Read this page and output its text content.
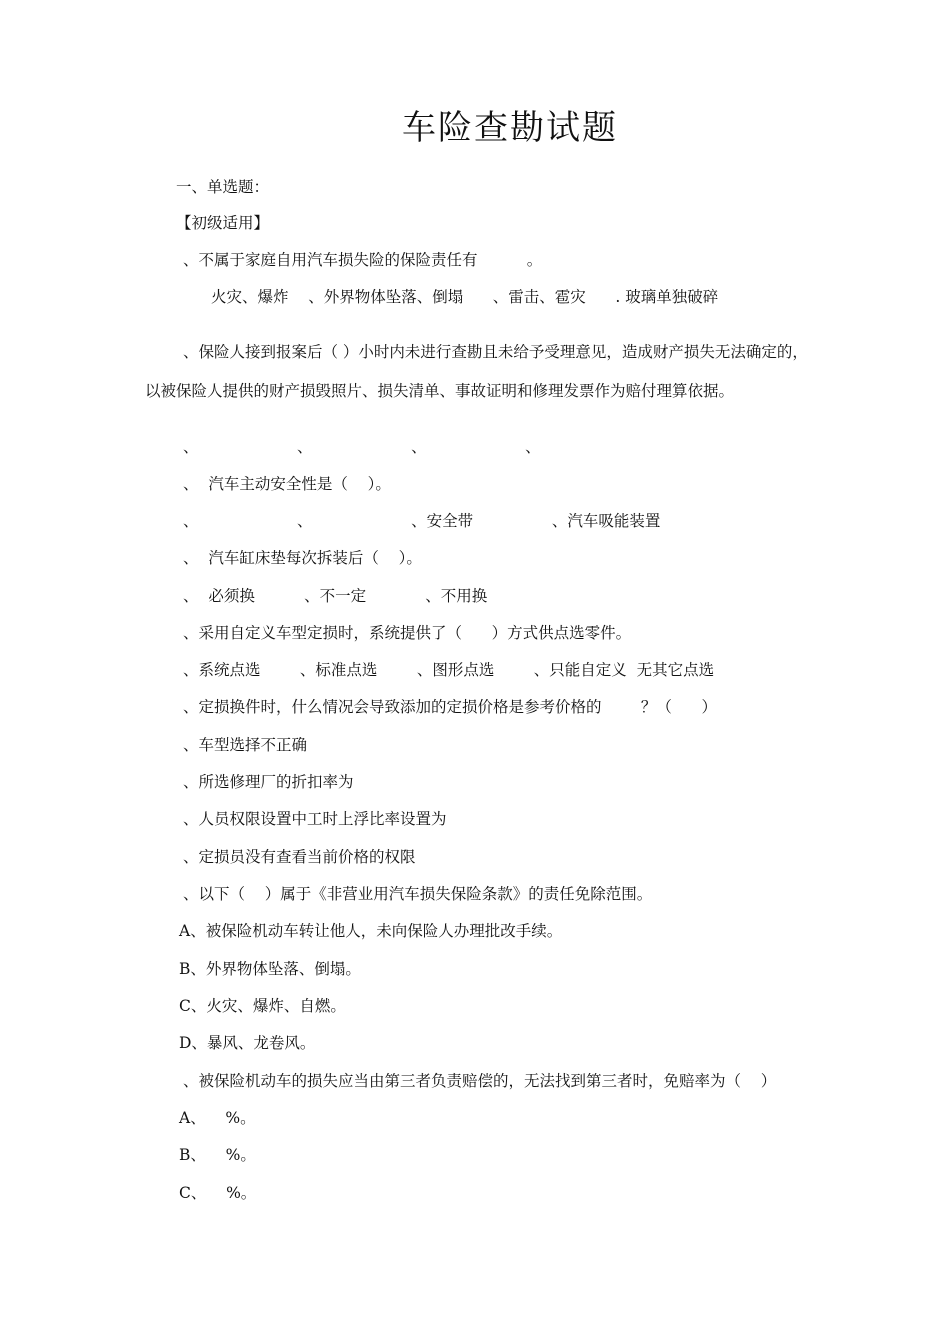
车险查勘试题
一、单选题：
【初级适用】
、不属于家庭自用汽车损失险的保险责任有          。
火灾、爆炸    、外界物体坠落、倒塌      、雷击、雹灾      . 玻璃单独破碎
、保险人接到报案后（ ）小时内未进行查勘且未给予受理意见，造成财产损失无法确定的，以被保险人提供的财产损毁照片、损失清单、事故证明和修理发票作为赔付理算依据。
、                    、                    、                    、
、  汽车主动安全性是（    ）。
、                    、                    、安全带                、汽车吸能装置
、  汽车缸床垫每次拆装后（    ）。
、  必须换          、不一定            、不用换
、采用自定义车型定损时，系统提供了（      ）方式供点选零件。
、系统点选        、标准点选        、图形点选        、只能自定义  无其它点选
、定损换件时，什么情况会导致添加的定损价格是参考价格的        ？（      ）
、车型选择不正确
、所选修理厂的折扣率为
、人员权限设置中工时上浮比率设置为
、定损员没有查看当前价格的权限
、以下（    ）属于《非营业用汽车损失保险条款》的责任免除范围。
A、被保险机动车转让他人，未向保险人办理批改手续。
B、外界物体坠落、倒塌。
C、火灾、爆炸、自燃。
D、暴风、龙卷风。
、被保险机动车的损失应当由第三者负责赔偿的，无法找到第三者时，免赔率为（    ）
A、    %。
B、    %。
C、    %。
